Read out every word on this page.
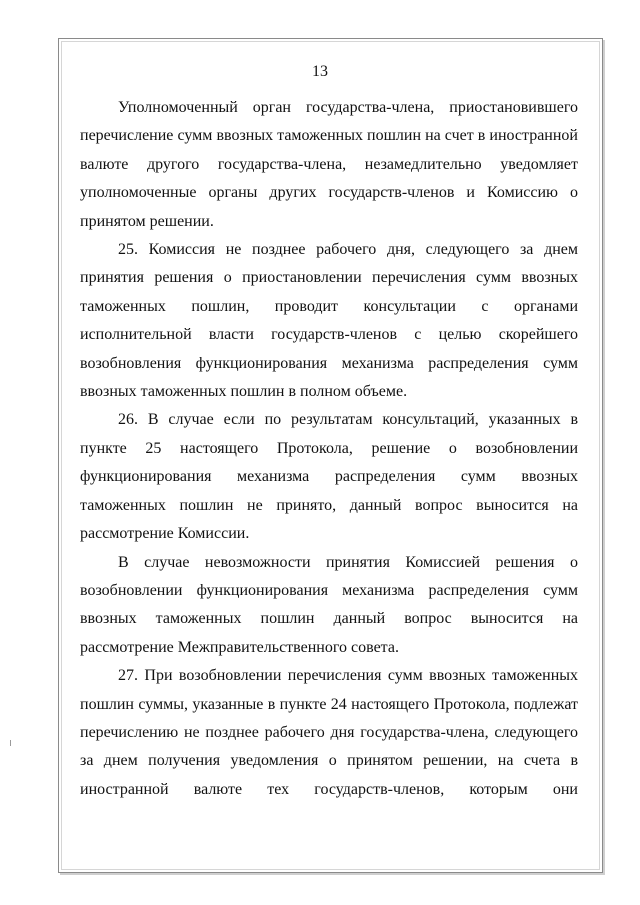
13

Уполномоченный орган государства-члена, приостановившего перечисление сумм ввозных таможенных пошлин на счет в иностранной валюте другого государства-члена, незамедлительно уведомляет уполномоченные органы других государств-членов и Комиссию о принятом решении.

25. Комиссия не позднее рабочего дня, следующего за днем принятия решения о приостановлении перечисления сумм ввозных таможенных пошлин, проводит консультации с органами исполнительной власти государств-членов с целью скорейшего возобновления функционирования механизма распределения сумм ввозных таможенных пошлин в полном объеме.

26. В случае если по результатам консультаций, указанных в пункте 25 настоящего Протокола, решение о возобновлении функционирования механизма распределения сумм ввозных таможенных пошлин не принято, данный вопрос выносится на рассмотрение Комиссии.

В случае невозможности принятия Комиссией решения о возобновлении функционирования механизма распределения сумм ввозных таможенных пошлин данный вопрос выносится на рассмотрение Межправительственного совета.

27. При возобновлении перечисления сумм ввозных таможенных пошлин суммы, указанные в пункте 24 настоящего Протокола, подлежат перечислению не позднее рабочего дня государства-члена, следующего за днем получения уведомления о принятом решении, на счета в иностранной валюте тех государств-членов, которым они
